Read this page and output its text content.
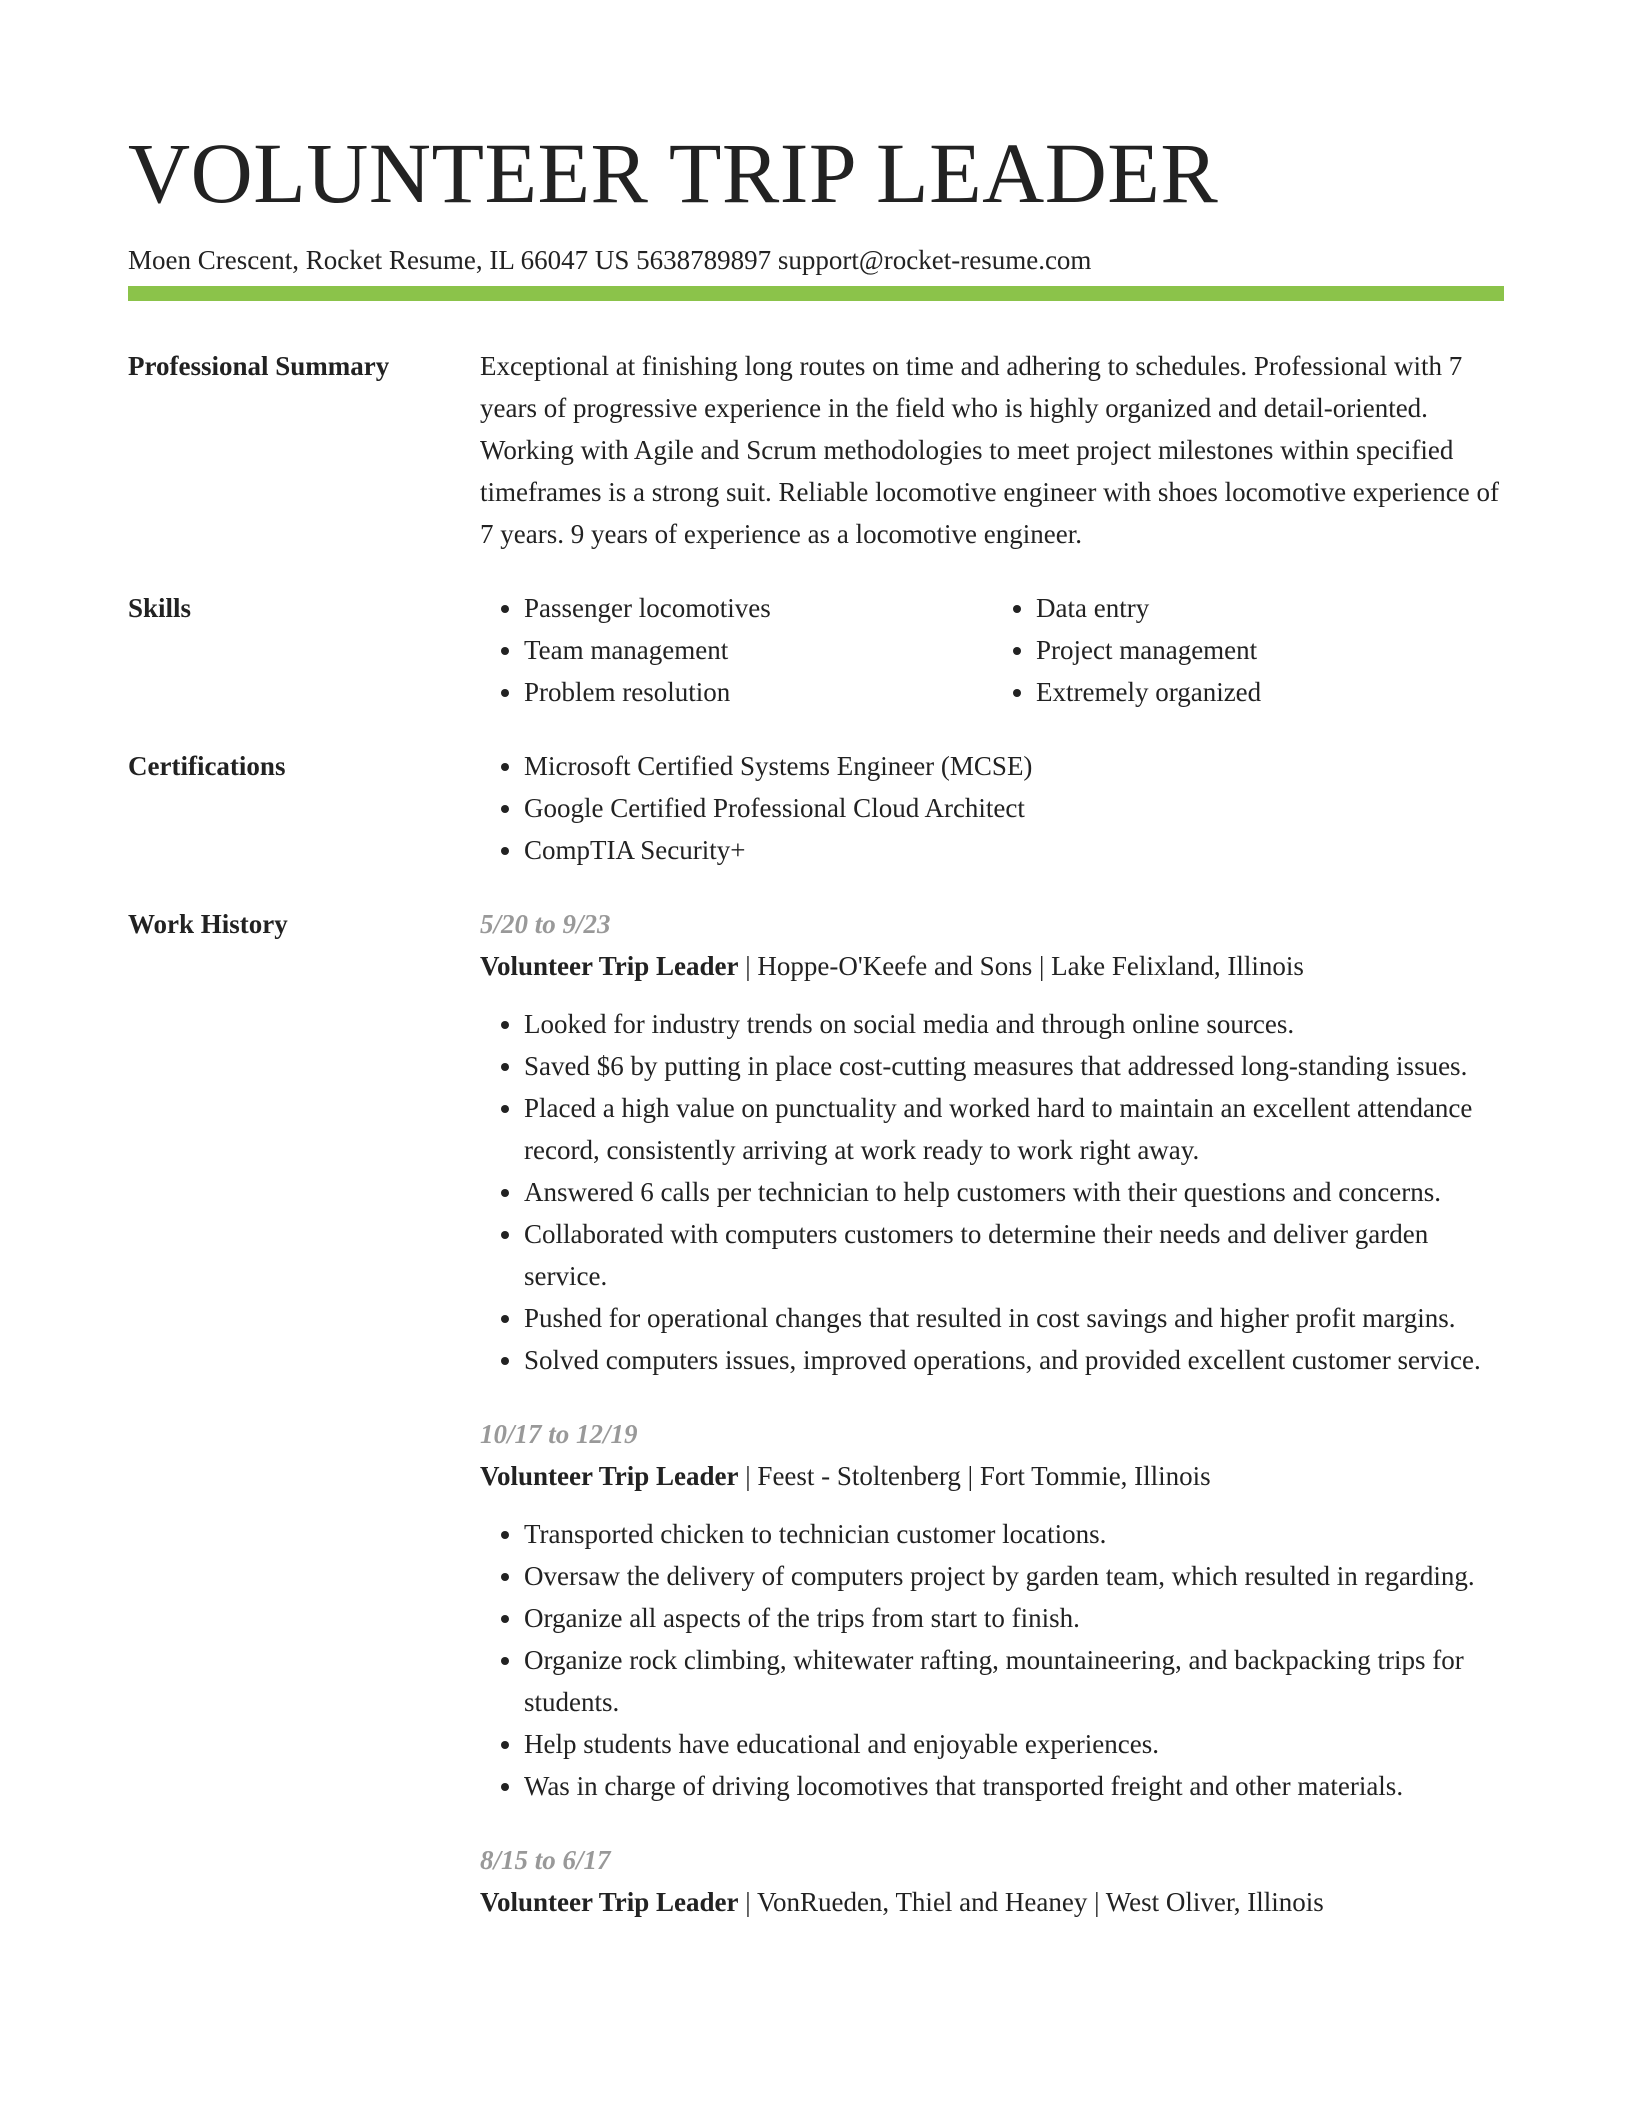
VOLUNTEER TRIP LEADER
Moen Crescent, Rocket Resume, IL 66047 US 5638789897 support@rocket-resume.com
Professional Summary	Exceptional at finishing long routes on time and adhering to schedules. Professional with 7 years of progressive experience in the field who is highly organized and detail-oriented. Working with Agile and Scrum methodologies to meet project milestones within specified timeframes is a strong suit. Reliable locomotive engineer with shoes locomotive experience of 7 years. 9 years of experience as a locomotive engineer.

Skills	• Passenger locomotives
• Team management
• Problem resolution
• Data entry
• Project management
• Extremely organized
Certifications	• Microsoft Certified Systems Engineer (MCSE)
• Google Certified Professional Cloud Architect
• CompTIA Security+
Work History	5/20 to 9/23
Volunteer Trip Leader | Hoppe-O'Keefe and Sons | Lake Felixland, Illinois
• Looked for industry trends on social media and through online sources.
• Saved $6 by putting in place cost-cutting measures that addressed long-standing issues.
• Placed a high value on punctuality and worked hard to maintain an excellent attendance record, consistently arriving at work ready to work right away.
• Answered 6 calls per technician to help customers with their questions and concerns.
• Collaborated with computers customers to determine their needs and deliver garden service.
• Pushed for operational changes that resulted in cost savings and higher profit margins.
• Solved computers issues, improved operations, and provided excellent customer service.
10/17 to 12/19
Volunteer Trip Leader | Feest - Stoltenberg | Fort Tommie, Illinois
• Transported chicken to technician customer locations.
• Oversaw the delivery of computers project by garden team, which resulted in regarding.
• Organize all aspects of the trips from start to finish.
• Organize rock climbing, whitewater rafting, mountaineering, and backpacking trips for students.
• Help students have educational and enjoyable experiences.
• Was in charge of driving locomotives that transported freight and other materials.
8/15 to 6/17
Volunteer Trip Leader | VonRueden, Thiel and Heaney | West Oliver, Illinois
